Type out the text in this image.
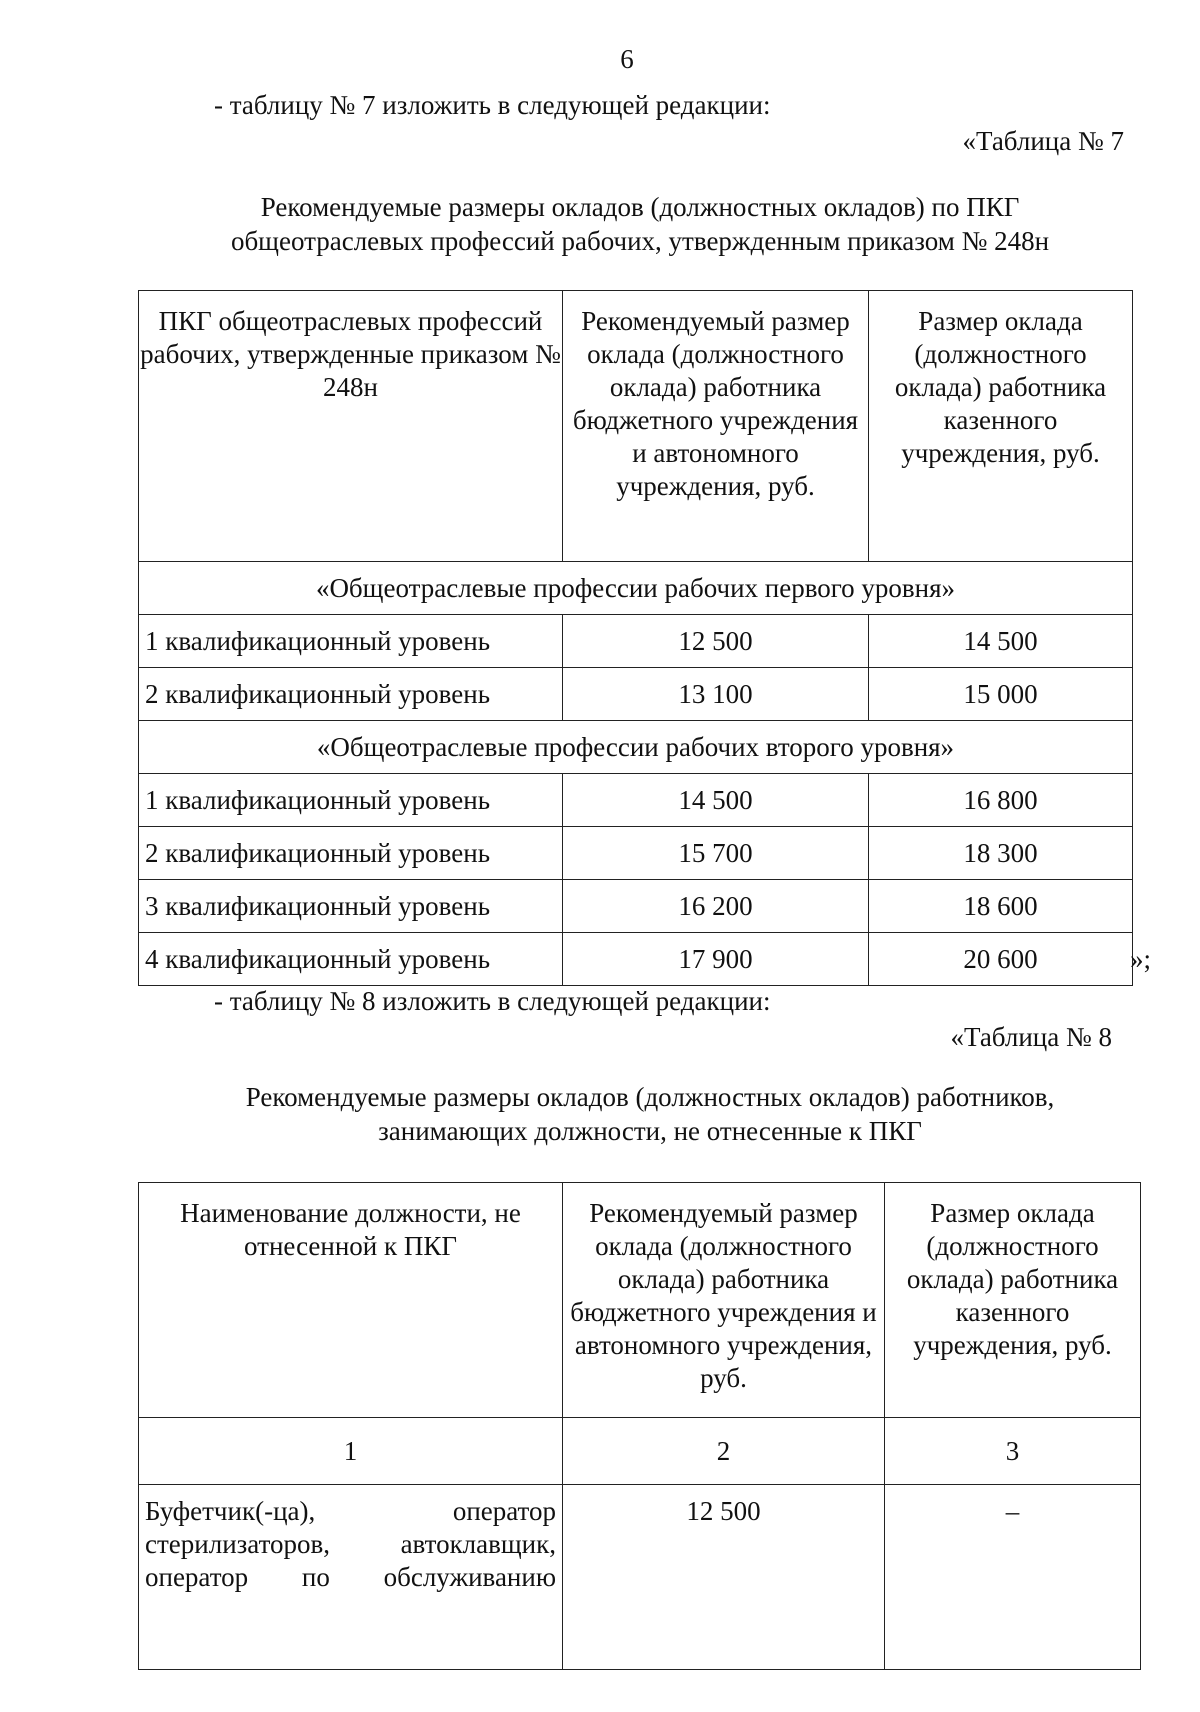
6
- таблицу № 7 изложить в следующей редакции:
«Таблица № 7
Рекомендуемые размеры окладов (должностных окладов) по ПКГ
общеотраслевых профессий рабочих, утвержденным приказом № 248н
ПКГ общеотраслевых профессий рабочих, утвержденные приказом № 248н	Рекомендуемый размер оклада (должностного оклада) работника бюджетного учреждения и автономного учреждения, руб.	Размер оклада (должностного оклада) работника казенного учреждения, руб.
«Общеотраслевые профессии рабочих первого уровня»		
1 квалификационный уровень	12 500	14 500
2 квалификационный уровень	13 100	15 000
«Общеотраслевые профессии рабочих второго уровня»		
1 квалификационный уровень	14 500	16 800
2 квалификационный уровень	15 700	18 300
3 квалификационный уровень	16 200	18 600
4 квалификационный уровень	17 900	20 600	»;
- таблицу № 8 изложить в следующей редакции:
«Таблица № 8
Рекомендуемые размеры окладов (должностных окладов) работников,
занимающих должности, не отнесенные к ПКГ
Наименование должности, не отнесенной к ПКГ	Рекомендуемый размер оклада (должностного оклада) работника бюджетного учреждения и автономного учреждения, руб.	Размер оклада (должностного оклада) работника казенного учреждения, руб.
1	2	3
Буфетчик(-ца), оператор стерилизаторов, автоклавщик, оператор по обслуживанию	12 500	–
